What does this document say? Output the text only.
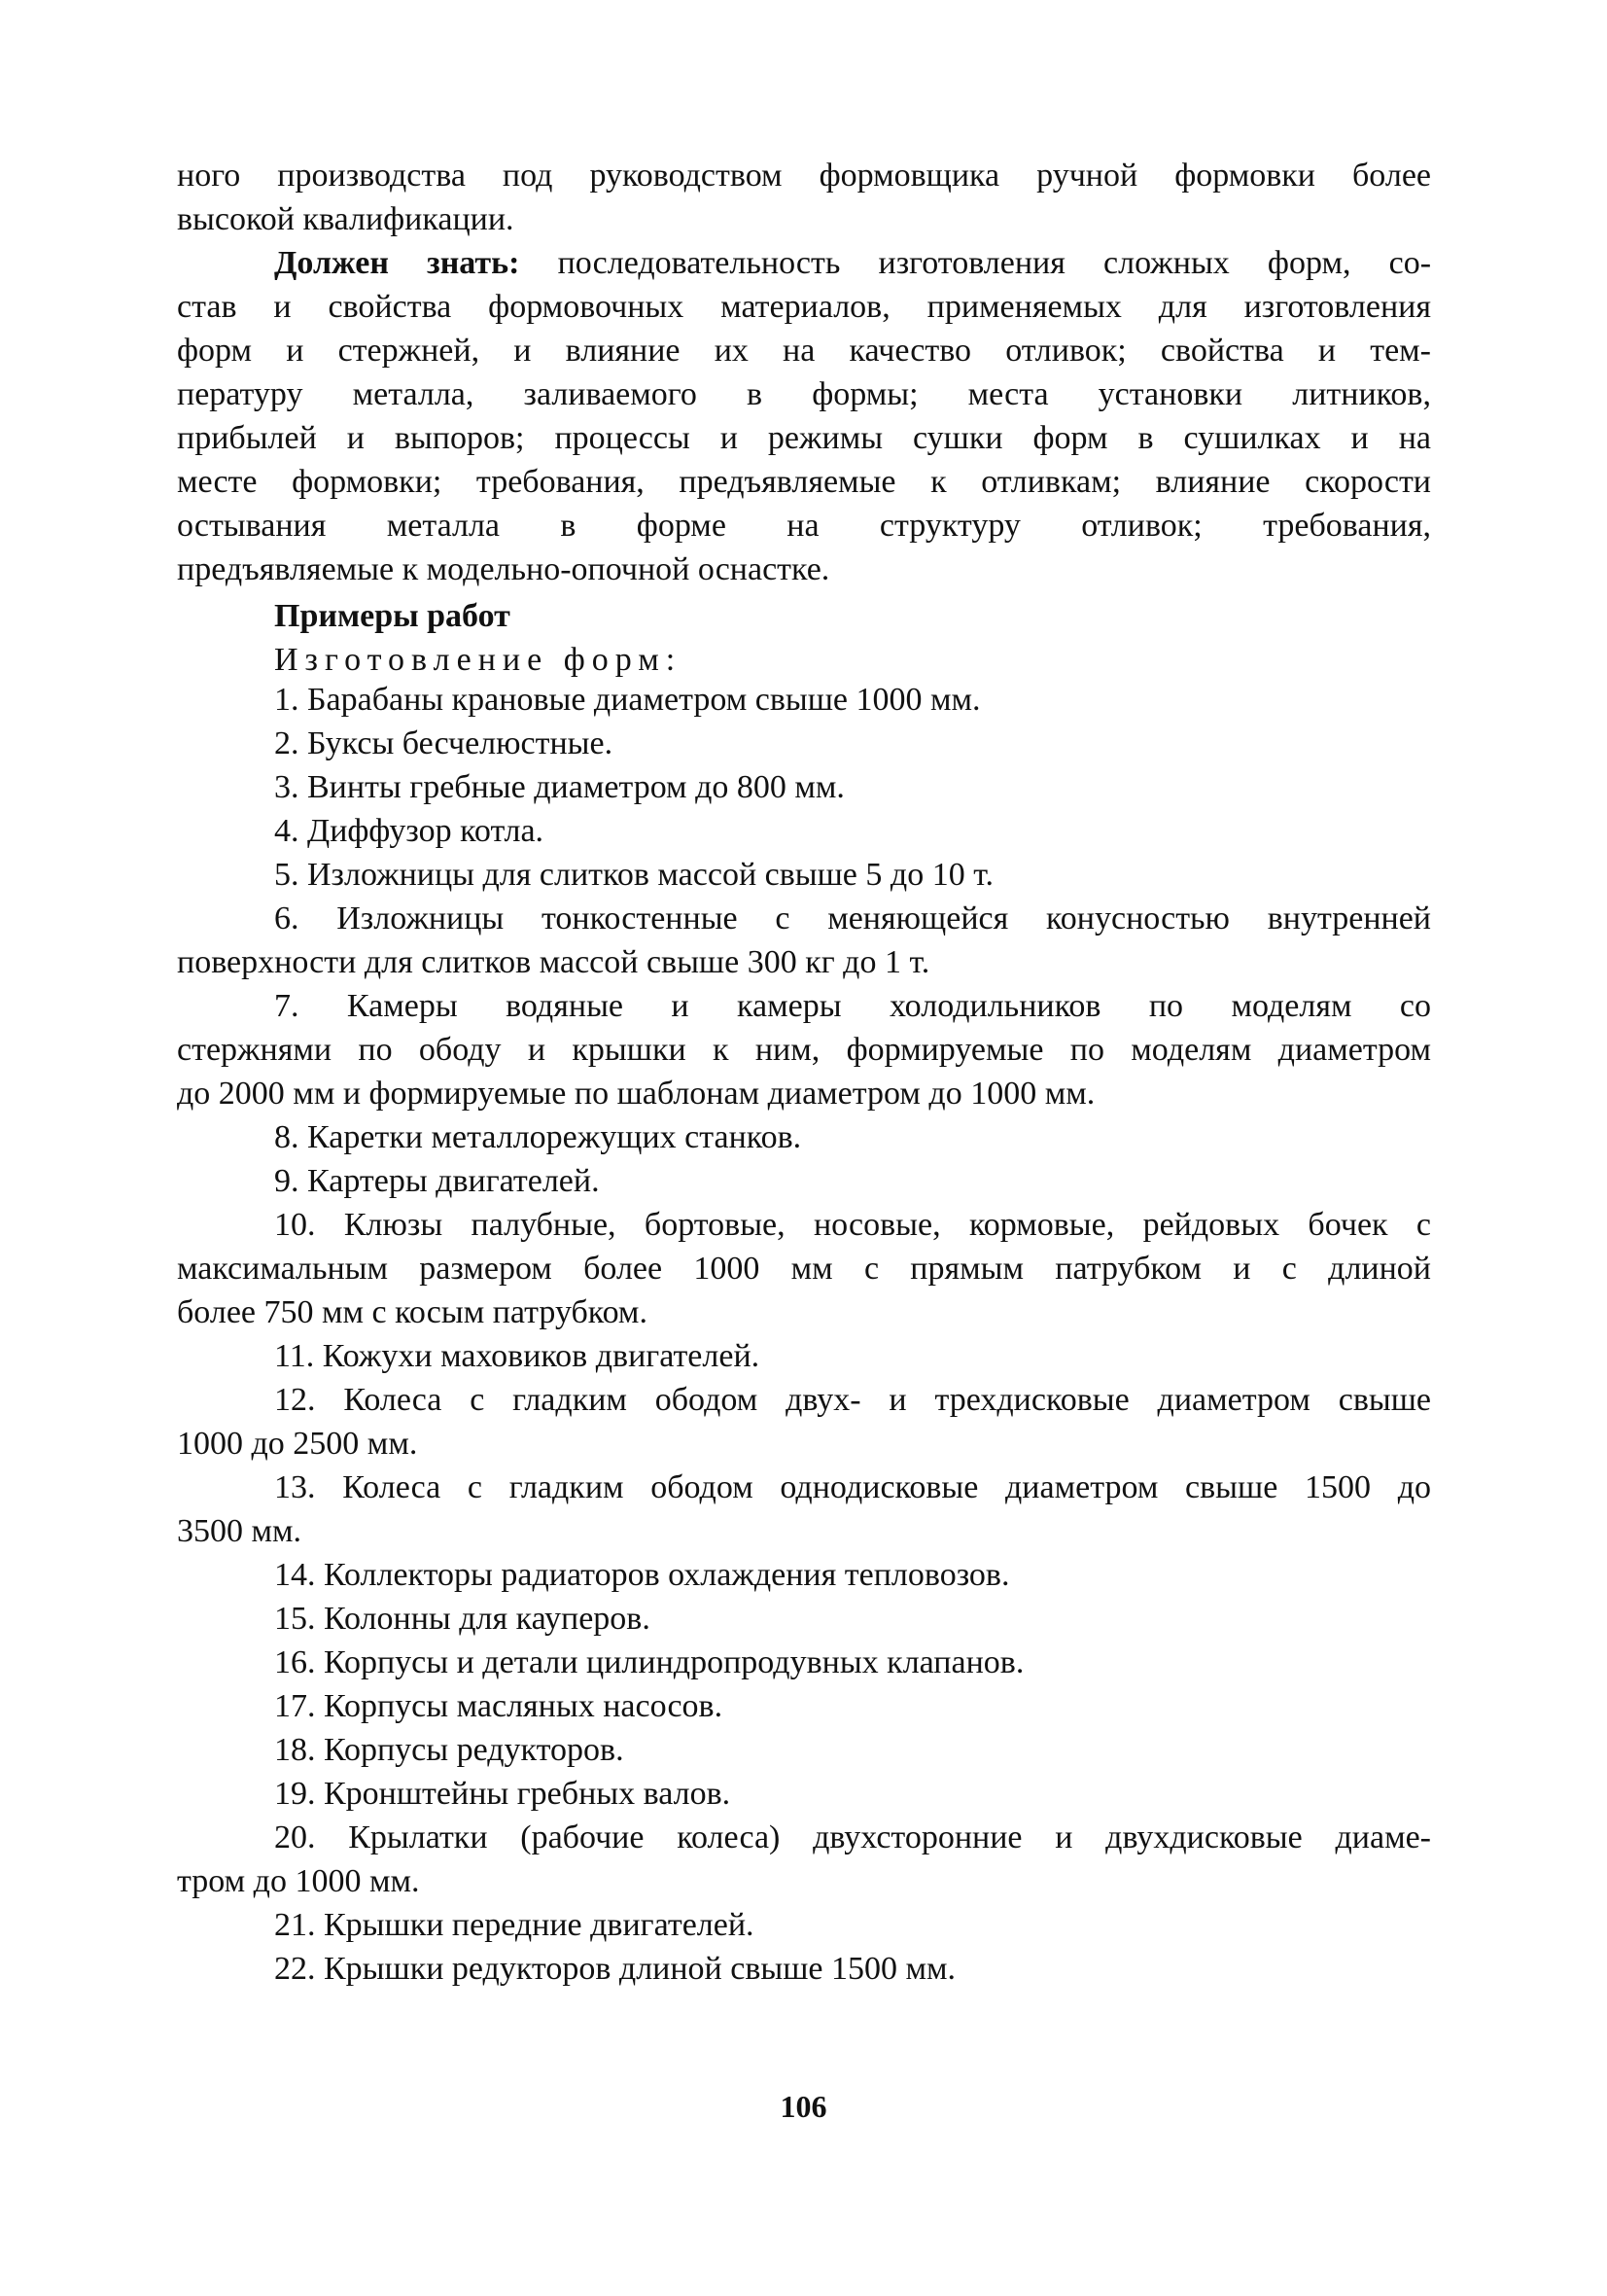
ного производства под руководством формовщика ручной формовки более
высокой квалификации.
Должен знать: последовательность изготовления сложных форм, со-
став и свойства формовочных материалов, применяемых для изготовления
форм и стержней, и влияние их на качество отливок; свойства и тем-
пературу металла, заливаемого в формы; места установки литников,
прибылей и выпоров; процессы и режимы сушки форм в сушилках и на
месте формовки; требования, предъявляемые к отливкам; влияние скорости
остывания металла в форме на структуру отливок; требования,
предъявляемые к модельно-опочной оснастке.
Примеры работ
Изготовление форм:
1. Барабаны крановые диаметром свыше 1000 мм.
2. Буксы бесчелюстные.
3. Винты гребные диаметром до 800 мм.
4. Диффузор котла.
5. Изложницы для слитков массой свыше 5 до 10 т.
6. Изложницы тонкостенные с меняющейся конусностью внутренней
поверхности для слитков массой свыше 300 кг до 1 т.
7. Камеры водяные и камеры холодильников по моделям со
стержнями по ободу и крышки к ним, формируемые по моделям диаметром
до 2000 мм и формируемые по шаблонам диаметром до 1000 мм.
8. Каретки металлорежущих станков.
9. Картеры двигателей.
10. Клюзы палубные, бортовые, носовые, кормовые, рейдовых бочек с
максимальным размером более 1000 мм с прямым патрубком и с длиной
более 750 мм с косым патрубком.
11. Кожухи маховиков двигателей.
12. Колеса с гладким ободом двух- и трехдисковые диаметром свыше
1000 до 2500 мм.
13. Колеса с гладким ободом однодисковые диаметром свыше 1500 до
3500 мм.
14. Коллекторы радиаторов охлаждения тепловозов.
15. Колонны для кауперов.
16. Корпусы и детали цилиндропродувных клапанов.
17. Корпусы масляных насосов.
18. Корпусы редукторов.
19. Кронштейны гребных валов.
20. Крылатки (рабочие колеса) двухсторонние и двухдисковые диаме-
тром до 1000 мм.
21. Крышки передние двигателей.
22. Крышки редукторов длиной свыше 1500 мм.
106
